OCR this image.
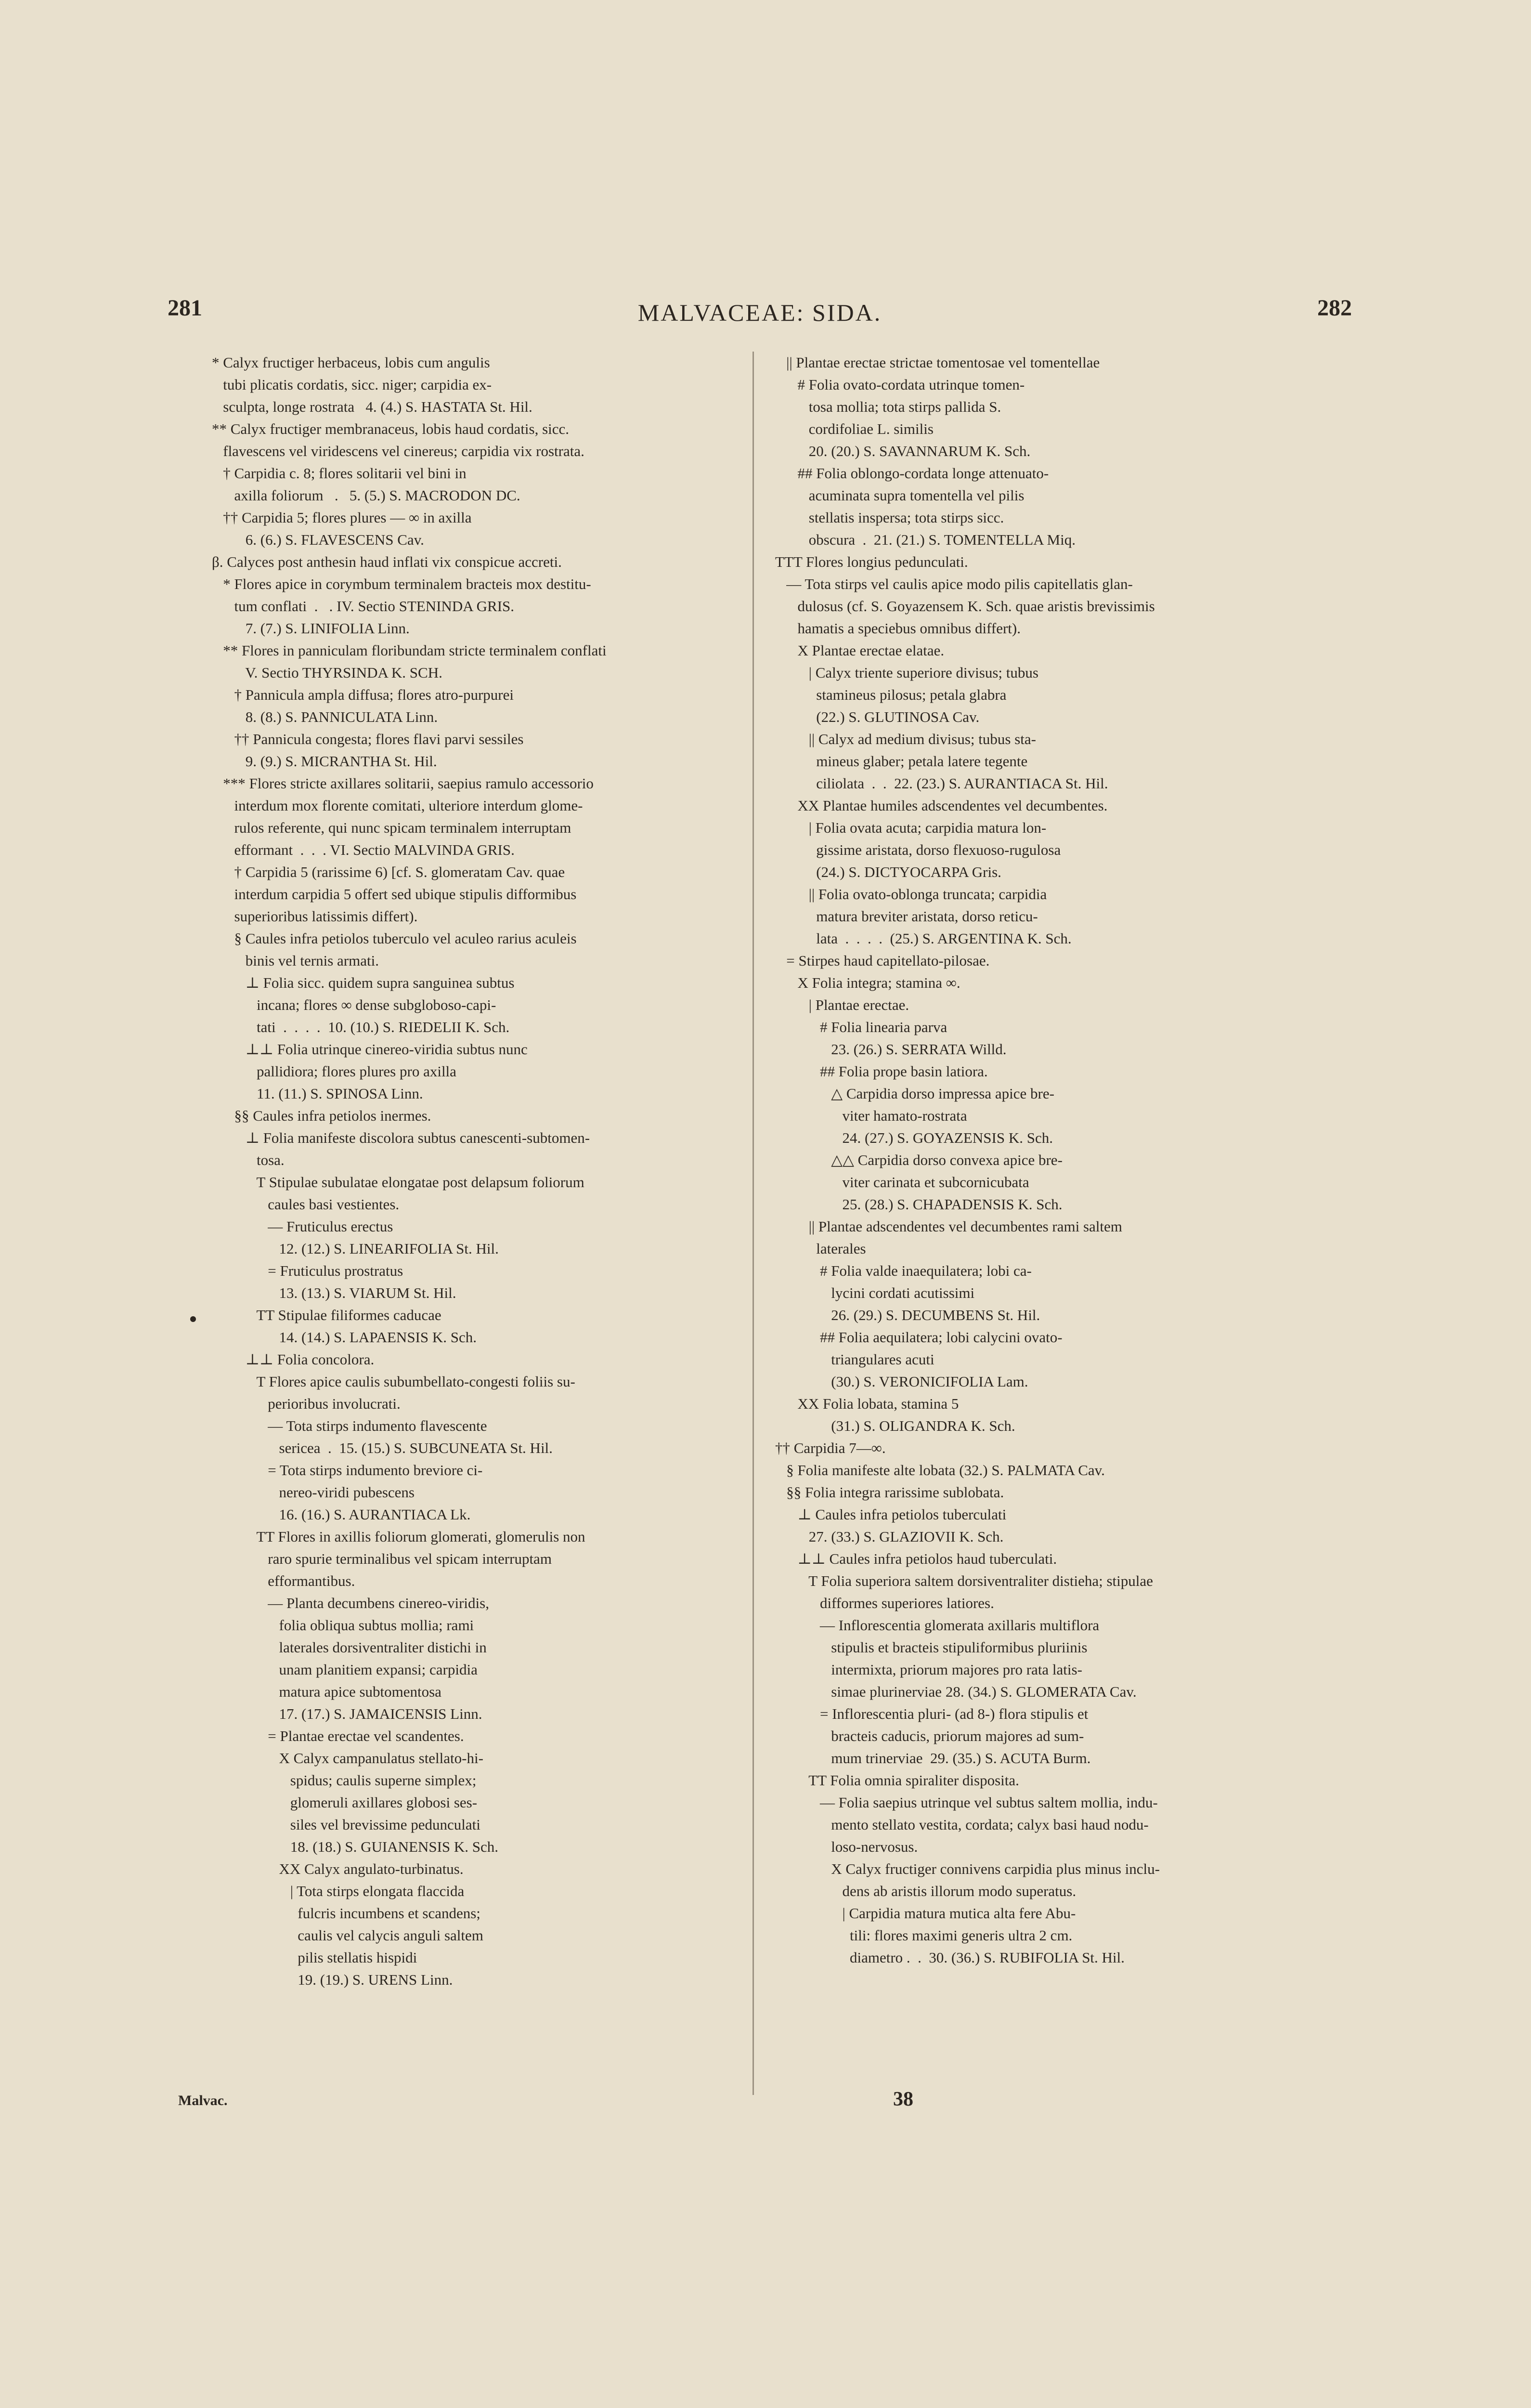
281	MALVACEAE: SIDA.	282
* Calyx fructiger herbaceus, lobis cum angulis
tubi plicatis cordatis, sicc. niger; carpidia ex-
sculpta, longe rostrata   4. (4.) S. HASTATA St. Hil.
** Calyx fructiger membranaceus, lobis haud cordatis, sicc.
flavescens vel viridescens vel cinereus; carpidia vix rostrata.
† Carpidia c. 8; flores solitarii vel bini in
axilla foliorum   .   5. (5.) S. MACRODON DC.
†† Carpidia 5; flores plures — ∞ in axilla
6. (6.) S. FLAVESCENS Cav.
β. Calyces post anthesin haud inflati vix conspicue accreti.
* Flores apice in corymbum terminalem bracteis mox destitu-
tum conflati  .   . IV. Sectio STENINDA GRIS.
7. (7.) S. LINIFOLIA Linn.
** Flores in panniculam floribundam stricte terminalem conflati
V. Sectio THYRSINDA K. SCH.
† Pannicula ampla diffusa; flores atro-purpurei
8. (8.) S. PANNICULATA Linn.
†† Pannicula congesta; flores flavi parvi sessiles
9. (9.) S. MICRANTHA St. Hil.
*** Flores stricte axillares solitarii, saepius ramulo accessorio
interdum mox florente comitati, ulteriore interdum glome-
rulos referente, qui nunc spicam terminalem interruptam
efformant  .  .  . VI. Sectio MALVINDA GRIS.
† Carpidia 5 (rarissime 6) [cf. S. glomeratam Cav. quae
interdum carpidia 5 offert sed ubique stipulis difformibus
superioribus latissimis differt).
§ Caules infra petiolos tuberculo vel aculeo rarius aculeis
binis vel ternis armati.
⊥ Folia sicc. quidem supra sanguinea subtus
incana; flores ∞ dense subgloboso-capi-
tati  .  .  .  .  10. (10.) S. RIEDELII K. Sch.
⊥⊥ Folia utrinque cinereo-viridia subtus nunc
pallidiora; flores plures pro axilla
11. (11.) S. SPINOSA Linn.
§§ Caules infra petiolos inermes.
⊥ Folia manifeste discolora subtus canescenti-subtomen-
tosa.
T Stipulae subulatae elongatae post delapsum foliorum
caules basi vestientes.
— Fruticulus erectus
12. (12.) S. LINEARIFOLIA St. Hil.
= Fruticulus prostratus
13. (13.) S. VIARUM St. Hil.
TT Stipulae filiformes caducae
14. (14.) S. LAPAENSIS K. Sch.
⊥⊥ Folia concolora.
T Flores apice caulis subumbellato-congesti foliis su-
perioribus involucrati.
— Tota stirps indumento flavescente
sericea  .  15. (15.) S. SUBCUNEATA St. Hil.
= Tota stirps indumento breviore ci-
nereo-viridi pubescens
16. (16.) S. AURANTIACA Lk.
TT Flores in axillis foliorum glomerati, glomerulis non
raro spurie terminalibus vel spicam interruptam
efformantibus.
— Planta decumbens cinereo-viridis,
folia obliqua subtus mollia; rami
laterales dorsiventraliter distichi in
unam planitiem expansi; carpidia
matura apice subtomentosa
17. (17.) S. JAMAICENSIS Linn.
= Plantae erectae vel scandentes.
X Calyx campanulatus stellato-hi-
spidus; caulis superne simplex;
glomeruli axillares globosi ses-
siles vel brevissime pedunculati
18. (18.) S. GUIANENSIS K. Sch.
XX Calyx angulato-turbinatus.
| Tota stirps elongata flaccida
fulcris incumbens et scandens;
caulis vel calycis anguli saltem
pilis stellatis hispidi
19. (19.) S. URENS Linn.
|| Plantae erectae strictae tomentosae vel tomentellae
# Folia ovato-cordata utrinque tomen-
tosa mollia; tota stirps pallida S.
cordifoliae L. similis
20. (20.) S. SAVANNARUM K. Sch.
## Folia oblongo-cordata longe attenuato-
acuminata supra tomentella vel pilis
stellatis inspersa; tota stirps sicc.
obscura  .  21. (21.) S. TOMENTELLA Miq.
TTT Flores longius pedunculati.
— Tota stirps vel caulis apice modo pilis capitellatis glan-
dulosus (cf. S. Goyazensem K. Sch. quae aristis brevissimis
hamatis a speciebus omnibus differt).
X Plantae erectae elatae.
| Calyx triente superiore divisus; tubus
stamineus pilosus; petala glabra
(22.) S. GLUTINOSA Cav.
|| Calyx ad medium divisus; tubus sta-
mineus glaber; petala latere tegente
ciliolata  .  .  22. (23.) S. AURANTIACA St. Hil.
XX Plantae humiles adscendentes vel decumbentes.
| Folia ovata acuta; carpidia matura lon-
gissime aristata, dorso flexuoso-rugulosa
(24.) S. DICTYOCARPA Gris.
|| Folia ovato-oblonga truncata; carpidia
matura breviter aristata, dorso reticu-
lata  .  .  .  .  (25.) S. ARGENTINA K. Sch.
= Stirpes haud capitellato-pilosae.
X Folia integra; stamina ∞.
| Plantae erectae.
# Folia linearia parva
23. (26.) S. SERRATA Willd.
## Folia prope basin latiora.
△ Carpidia dorso impressa apice bre-
viter hamato-rostrata
24. (27.) S. GOYAZENSIS K. Sch.
△△ Carpidia dorso convexa apice bre-
viter carinata et subcornicubata
25. (28.) S. CHAPADENSIS K. Sch.
|| Plantae adscendentes vel decumbentes rami saltem
laterales
# Folia valde inaequilatera; lobi ca-
lycini cordati acutissimi
26. (29.) S. DECUMBENS St. Hil.
## Folia aequilatera; lobi calycini ovato-
triangulares acuti
(30.) S. VERONICIFOLIA Lam.
XX Folia lobata, stamina 5
(31.) S. OLIGANDRA K. Sch.
†† Carpidia 7—∞.
§ Folia manifeste alte lobata (32.) S. PALMATA Cav.
§§ Folia integra rarissime sublobata.
⊥ Caules infra petiolos tuberculati
27. (33.) S. GLAZIOVII K. Sch.
⊥⊥ Caules infra petiolos haud tuberculati.
T Folia superiora saltem dorsiventraliter distieha; stipulae
difformes superiores latiores.
— Inflorescentia glomerata axillaris multiflora
stipulis et bracteis stipuliformibus pluriinis
intermixta, priorum majores pro rata latis-
simae plurinerviae 28. (34.) S. GLOMERATA Cav.
= Inflorescentia pluri- (ad 8-) flora stipulis et
bracteis caducis, priorum majores ad sum-
mum trinerviae  29. (35.) S. ACUTA Burm.
TT Folia omnia spiraliter disposita.
— Folia saepius utrinque vel subtus saltem mollia, indu-
mento stellato vestita, cordata; calyx basi haud nodu-
loso-nervosus.
X Calyx fructiger connivens carpidia plus minus inclu-
dens ab aristis illorum modo superatus.
| Carpidia matura mutica alta fere Abu-
tili: flores maximi generis ultra 2 cm.
diametro .  .  30. (36.) S. RUBIFOLIA St. Hil.
Malvac.	38
